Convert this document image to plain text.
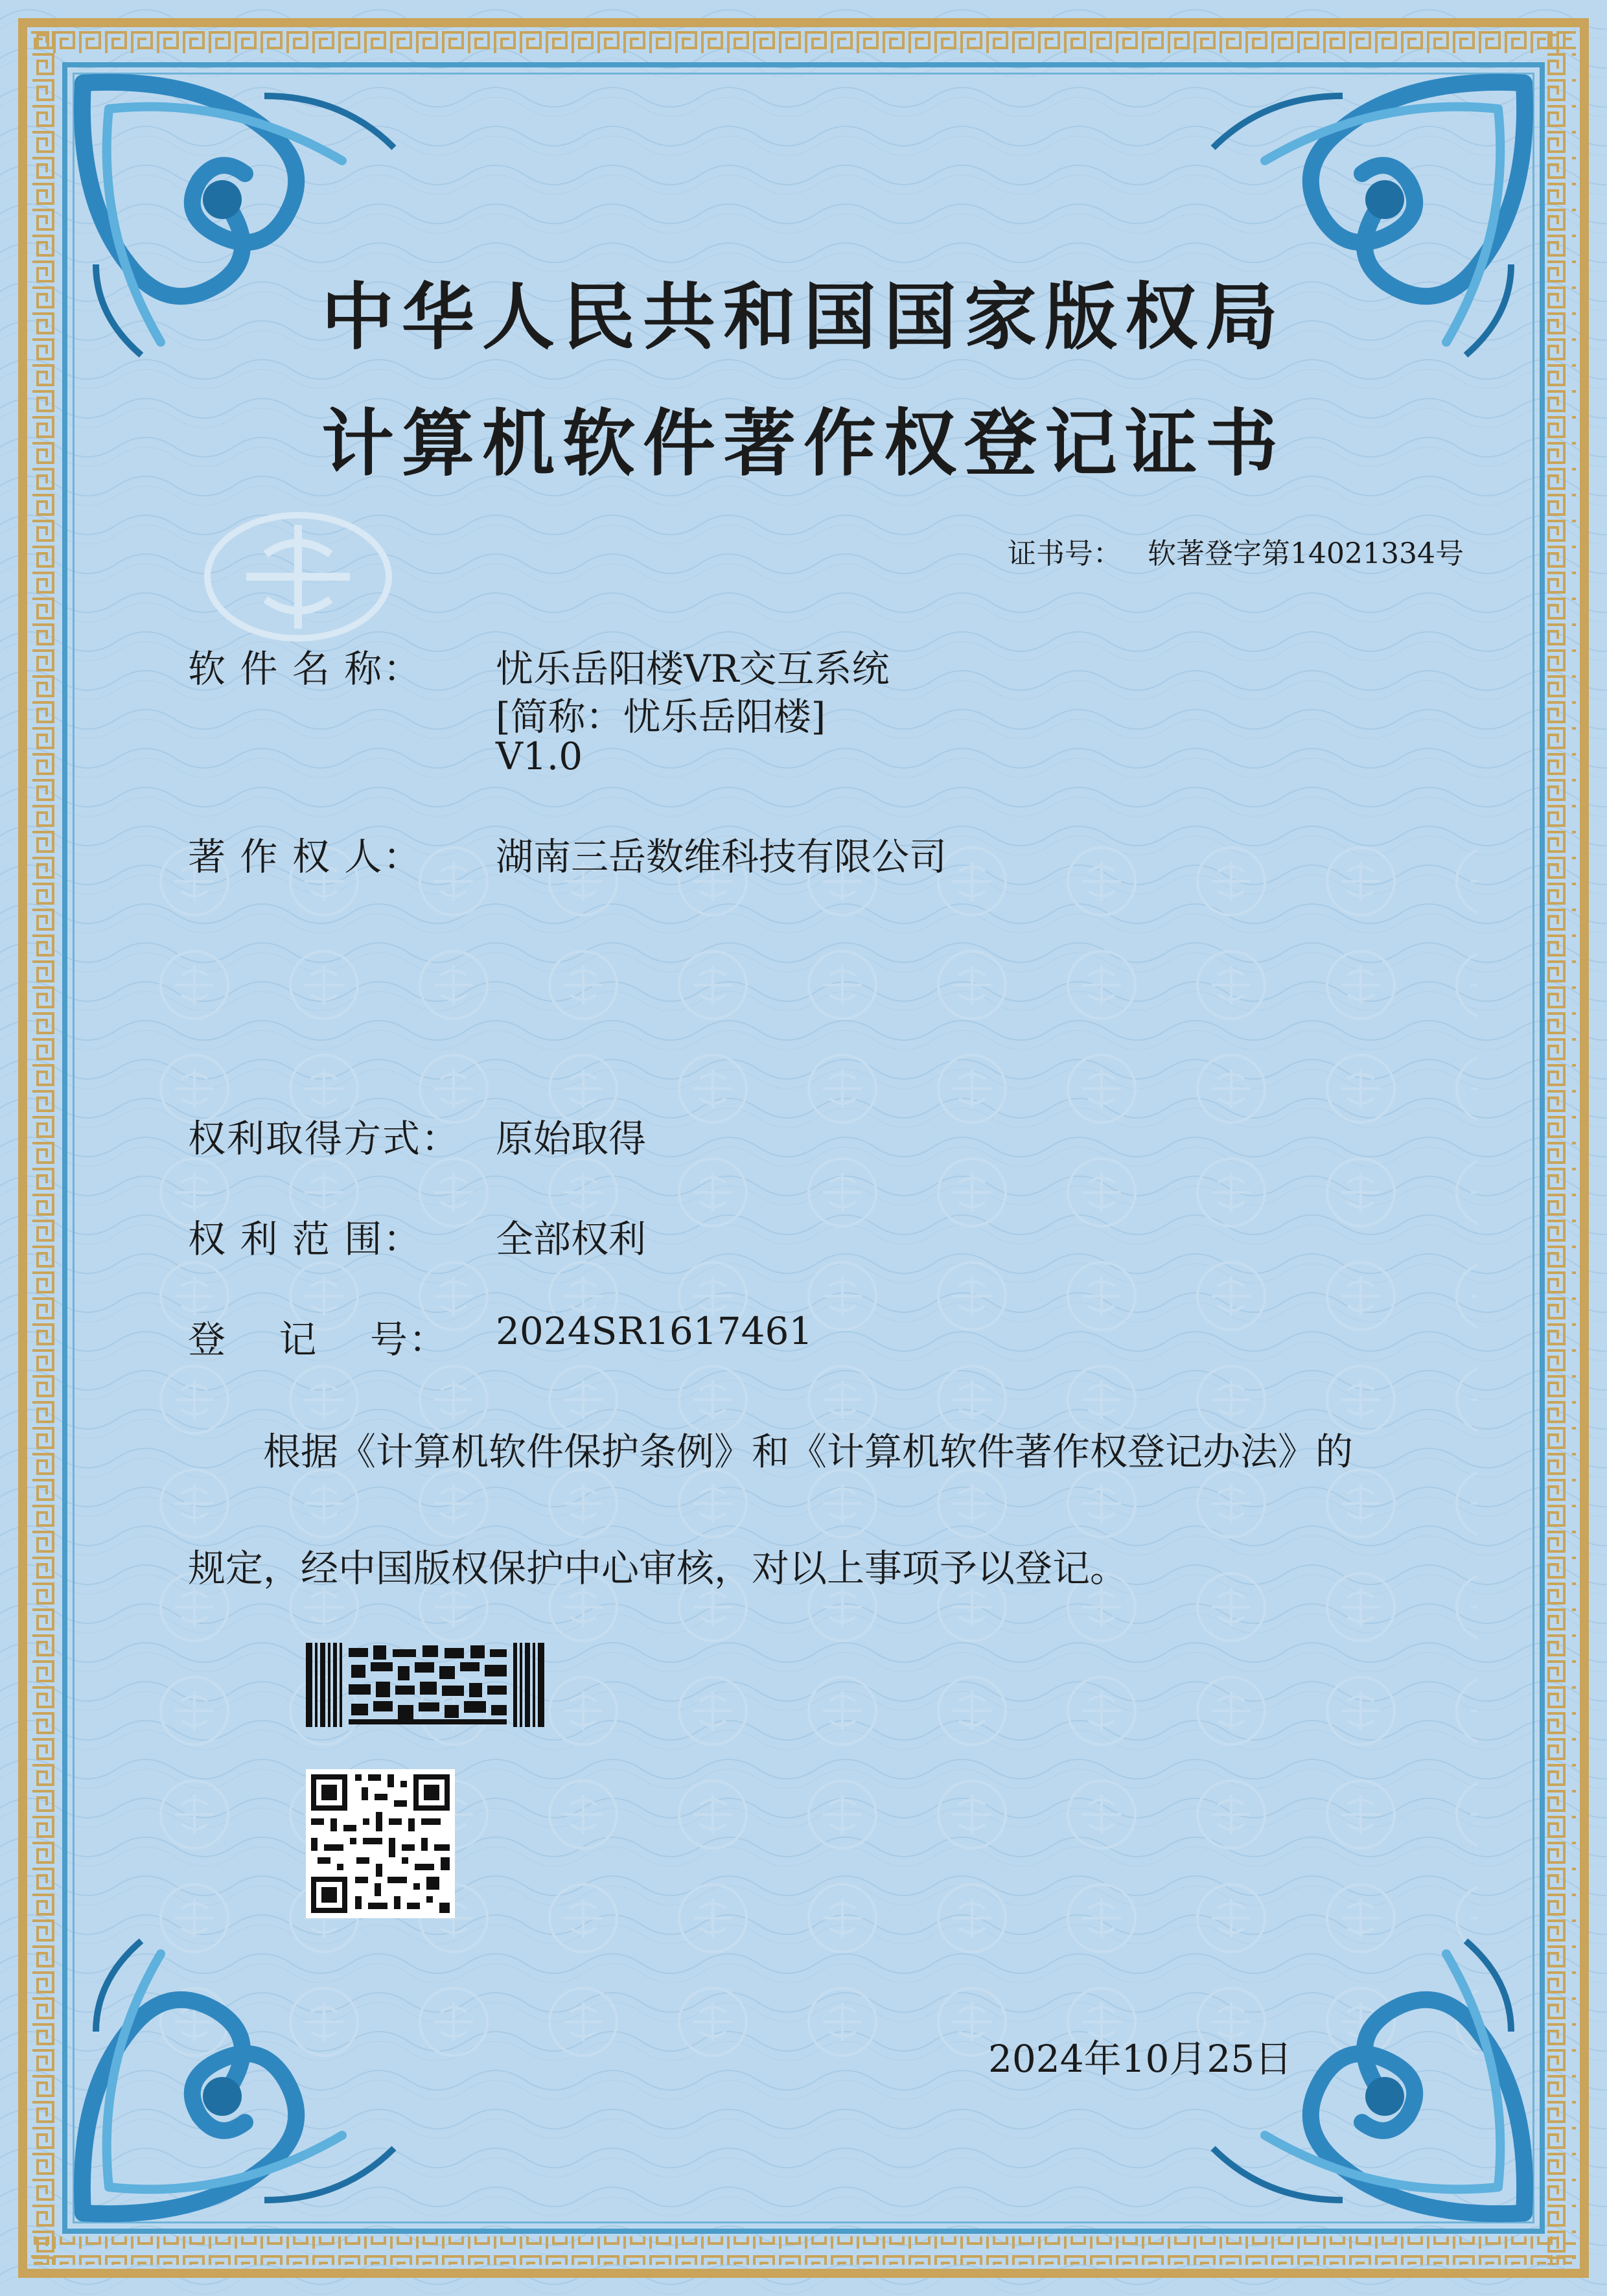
中华人民共和国国家版权局
计算机软件著作权登记证书
证书号： 软著登字第14021334号
软 件 名 称： 忧乐岳阳楼VR交互系统
[简称：忧乐岳阳楼]
V1.0
著 作 权 人： 湖南三岳数维科技有限公司
权利取得方式： 原始取得
权 利 范 围： 全部权利
登　 记　 号： 2024SR1617461
根据《计算机软件保护条例》和《计算机软件著作权登记办法》的
规定，经中国版权保护中心审核，对以上事项予以登记。
2024年10月25日
